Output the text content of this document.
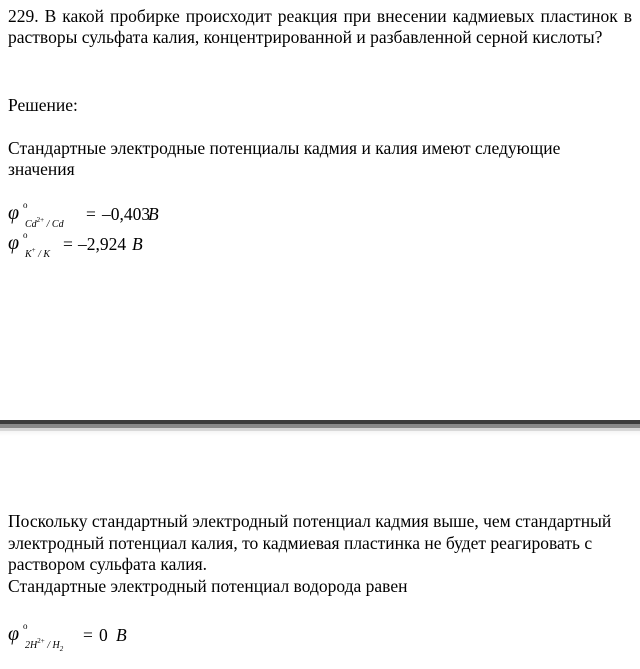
229. В какой пробирке происходит реакция при внесении кадмиевых пластинок в растворы сульфата калия, концентрированной и разбавленной серной кислоты?

Решение:

Стандартные электродные потенциалы кадмия и калия имеют следующие значения

φ o
$Cd^{2+}$ / Cd
= –0,403
В
φ o
K+ / K
= –2,924 В

Поскольку стандартный электродный потенциал кадмия выше, чем стандартный электродный потенциал калия, то кадмиевая пластинка не будет реагировать с раствором сульфата калия.

Стандартные электродный потенциал водорода равен

φ o
$2H^{2+} / H_2$
= 0 В
